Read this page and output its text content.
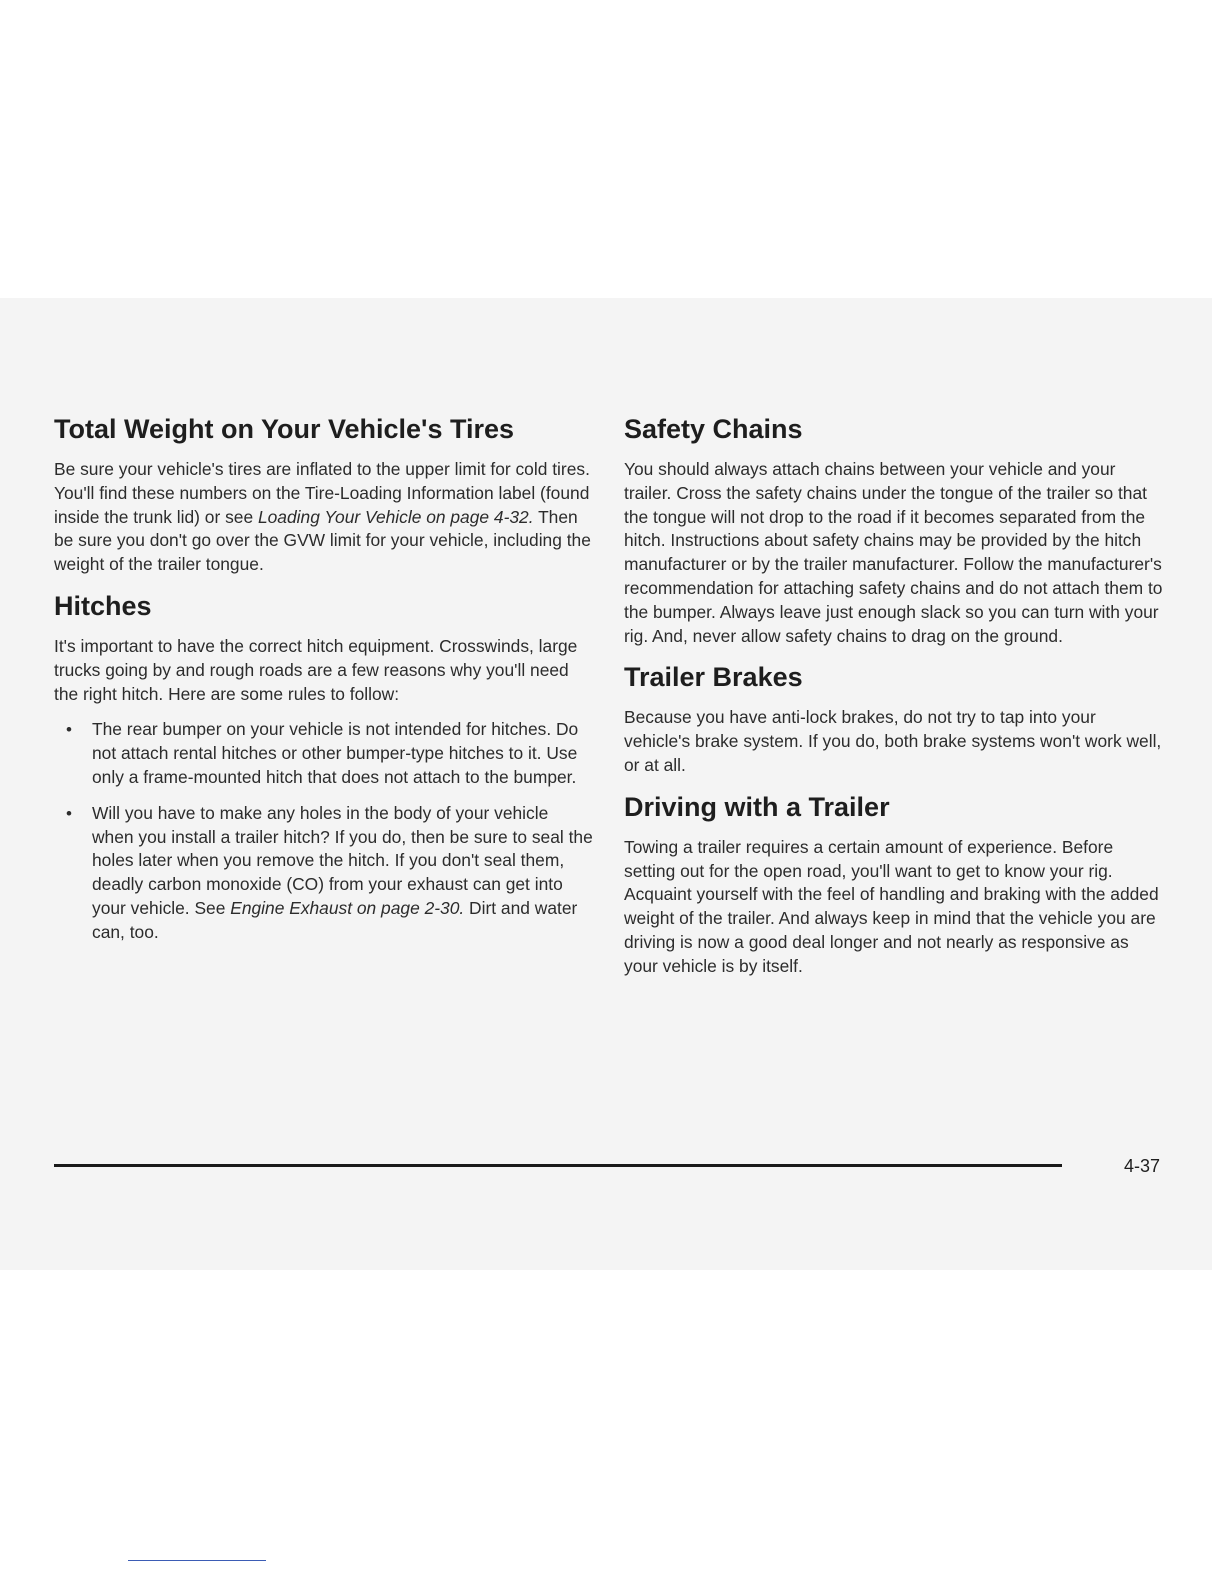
Total Weight on Your Vehicle's Tires

Be sure your vehicle's tires are inflated to the upper limit for cold tires. You'll find these numbers on the Tire-Loading Information label (found inside the trunk lid) or see Loading Your Vehicle on page 4-32. Then be sure you don't go over the GVW limit for your vehicle, including the weight of the trailer tongue.

Hitches

It's important to have the correct hitch equipment. Crosswinds, large trucks going by and rough roads are a few reasons why you'll need the right hitch. Here are some rules to follow:

• The rear bumper on your vehicle is not intended for hitches. Do not attach rental hitches or other bumper-type hitches to it. Use only a frame-mounted hitch that does not attach to the bumper.
• Will you have to make any holes in the body of your vehicle when you install a trailer hitch? If you do, then be sure to seal the holes later when you remove the hitch. If you don't seal them, deadly carbon monoxide (CO) from your exhaust can get into your vehicle. See Engine Exhaust on page 2-30. Dirt and water can, too.
Safety Chains

You should always attach chains between your vehicle and your trailer. Cross the safety chains under the tongue of the trailer so that the tongue will not drop to the road if it becomes separated from the hitch. Instructions about safety chains may be provided by the hitch manufacturer or by the trailer manufacturer. Follow the manufacturer's recommendation for attaching safety chains and do not attach them to the bumper. Always leave just enough slack so you can turn with your rig. And, never allow safety chains to drag on the ground.

Trailer Brakes

Because you have anti-lock brakes, do not try to tap into your vehicle's brake system. If you do, both brake systems won't work well, or at all.

Driving with a Trailer

Towing a trailer requires a certain amount of experience. Before setting out for the open road, you'll want to get to know your rig. Acquaint yourself with the feel of handling and braking with the added weight of the trailer. And always keep in mind that the vehicle you are driving is now a good deal longer and not nearly as responsive as your vehicle is by itself.

4-37
